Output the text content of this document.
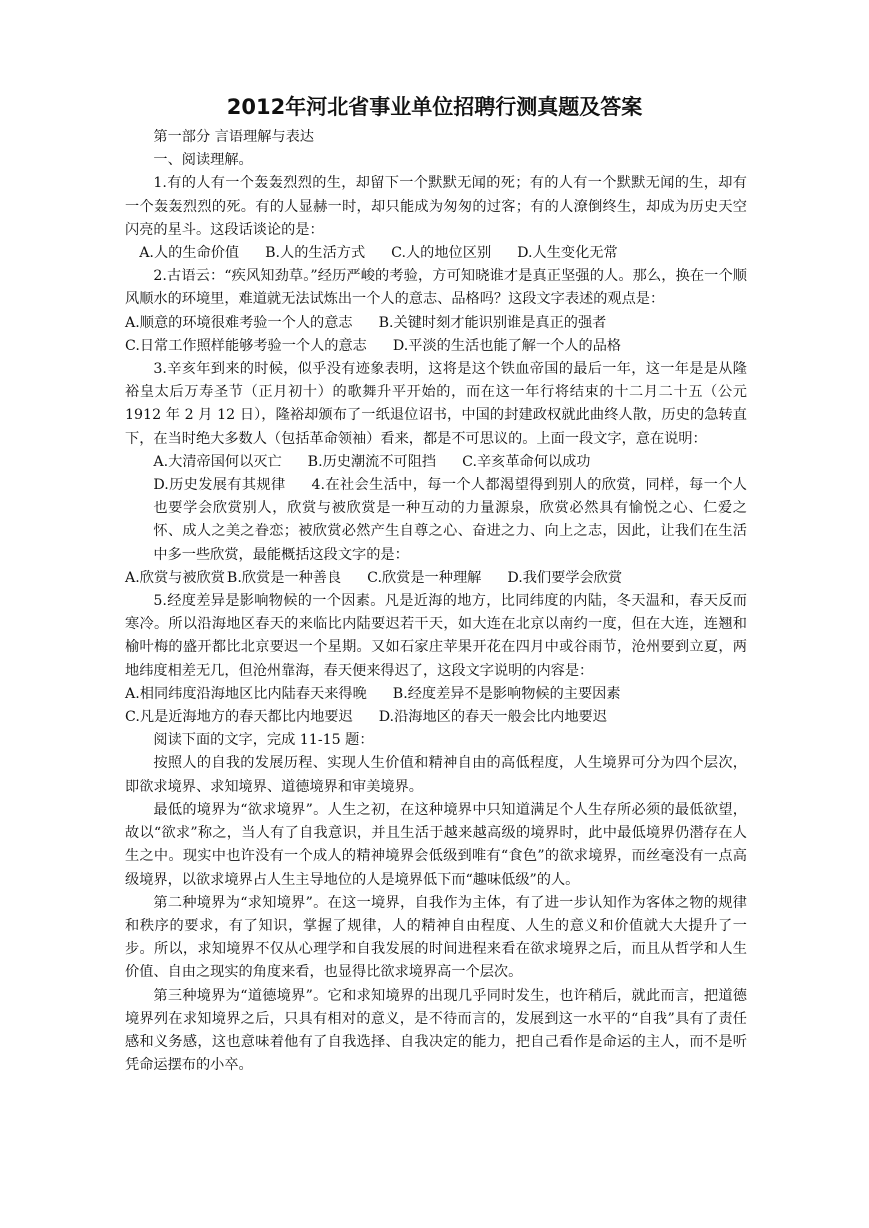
2012年河北省事业单位招聘行测真题及答案

第一部分 言语理解与表达

一、阅读理解。

1.有的人有一个轰轰烈烈的生，却留下一个默默无闻的死；有的人有一个默默无闻的生，却有一个轰轰烈烈的死。有的人显赫一时，却只能成为匆匆的过客；有的人潦倒终生，却成为历史天空闪亮的星斗。这段话谈论的是：

A.人的生命价值 B.人的生活方式 C.人的地位区别 D.人生变化无常

2.古语云：“疾风知劲草。”经历严峻的考验，方可知晓谁才是真正坚强的人。那么，换在一个顺风顺水的环境里，难道就无法试炼出一个人的意志、品格吗？这段文字表述的观点是：

A.顺意的环境很难考验一个人的意志 B.关键时刻才能识别谁是真正的强者

C.日常工作照样能够考验一个人的意志 D.平淡的生活也能了解一个人的品格

3.辛亥年到来的时候，似乎没有迹象表明，这将是这个铁血帝国的最后一年，这一年是是从隆裕皇太后万寿圣节（正月初十）的歌舞升平开始的，而在这一年行将结束的十二月二十五（公元 1912 年 2 月 12 日），隆裕却颁布了一纸退位诏书，中国的封建政权就此曲终人散，历史的急转直下，在当时绝大多数人（包括革命领袖）看来，都是不可思议的。上面一段文字，意在说明：

A.大清帝国何以灭亡 B.历史潮流不可阻挡 C.辛亥革命何以成功

D.历史发展有其规律 4.在社会生活中，每一个人都渴望得到别人的欣赏，同样，每一个人也要学会欣赏别人，欣赏与被欣赏是一种互动的力量源泉，欣赏必然具有愉悦之心、仁爱之怀、成人之美之眷恋；被欣赏必然产生自尊之心、奋进之力、向上之志，因此，让我们在生活中多一些欣赏，最能概括这段文字的是：

A.欣赏与被欣赏 B.欣赏是一种善良 C.欣赏是一种理解 D.我们要学会欣赏

5.经度差异是影响物候的一个因素。凡是近海的地方，比同纬度的内陆，冬天温和，春天反而寒冷。所以沿海地区春天的来临比内陆要迟若干天，如大连在北京以南约一度，但在大连，连翘和榆叶梅的盛开都比北京要迟一个星期。又如石家庄苹果开花在四月中或谷雨节，沧州要到立夏，两地纬度相差无几，但沧州靠海，春天便来得迟了，这段文字说明的内容是：

A.相同纬度沿海地区比内陆春天来得晚 B.经度差异不是影响物候的主要因素

C.凡是近海地方的春天都比内地要迟 D.沿海地区的春天一般会比内地要迟

阅读下面的文字，完成 11-15 题：

按照人的自我的发展历程、实现人生价值和精神自由的高低程度，人生境界可分为四个层次，即欲求境界、求知境界、道德境界和审美境界。

最低的境界为“欲求境界”。人生之初，在这种境界中只知道满足个人生存所必须的最低欲望，故以“欲求”称之，当人有了自我意识，并且生活于越来越高级的境界时，此中最低境界仍潜存在人生之中。现实中也许没有一个成人的精神境界会低级到唯有“食色”的欲求境界，而丝毫没有一点高级境界，以欲求境界占人生主导地位的人是境界低下而“趣味低级”的人。

第二种境界为“求知境界”。在这一境界，自我作为主体，有了进一步认知作为客体之物的规律和秩序的要求，有了知识，掌握了规律，人的精神自由程度、人生的意义和价值就大大提升了一步。所以，求知境界不仅从心理学和自我发展的时间进程来看在欲求境界之后，而且从哲学和人生价值、自由之现实的角度来看，也显得比欲求境界高一个层次。

第三种境界为“道德境界”。它和求知境界的出现几乎同时发生，也许稍后，就此而言，把道德境界列在求知境界之后，只具有相对的意义，是不待而言的，发展到这一水平的“自我”具有了责任感和义务感，这也意味着他有了自我选择、自我决定的能力，把自己看作是命运的主人，而不是听凭命运摆布的小卒。
